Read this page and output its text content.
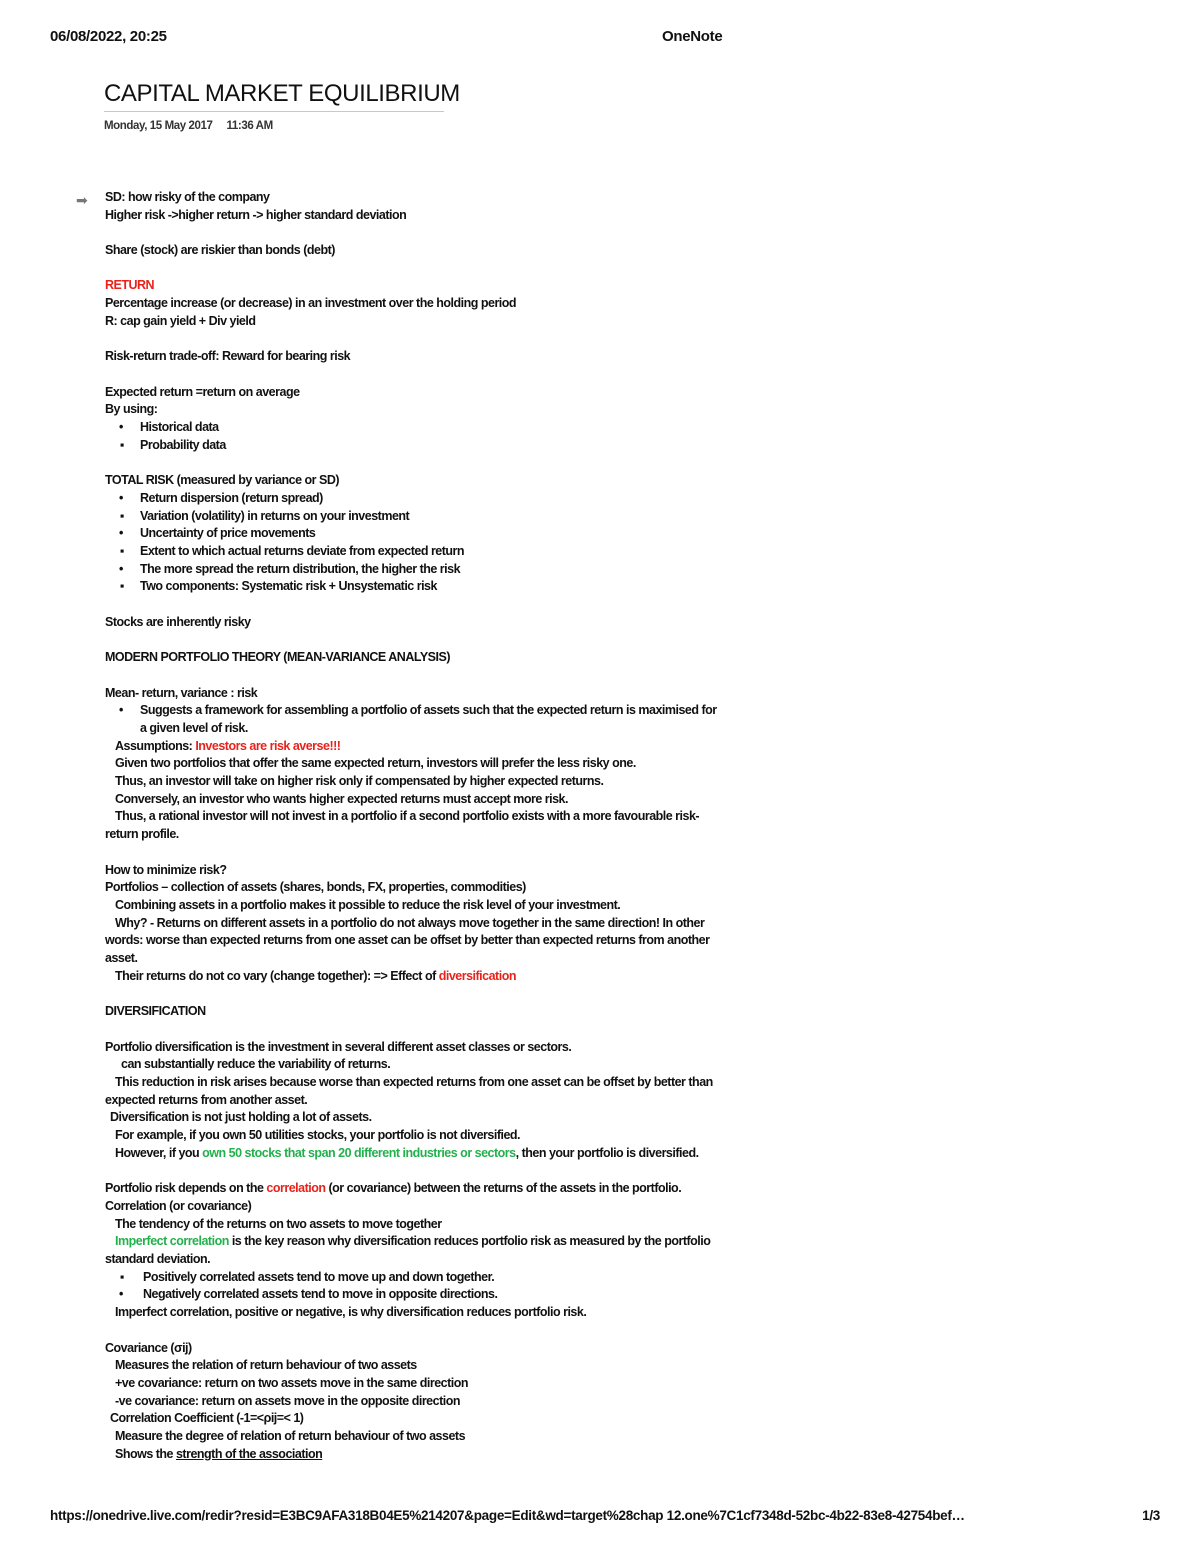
06/08/2022, 20:25	OneNote
CAPITAL MARKET EQUILIBRIUM
Monday, 15 May 2017 11:36 AM
➡ SD: how risky of the company

Higher risk ->higher return -> higher standard deviation

Share (stock) are riskier than bonds (debt)

RETURN

Percentage increase (or decrease) in an investment over the holding period

R: cap gain yield + Div yield

Risk-return trade-off: Reward for bearing risk

Expected return =return on average

By using:

• Historical data
▪ Probability data

TOTAL RISK (measured by variance or SD)

• Return dispersion (return spread)
▪ Variation (volatility) in returns on your investment
• Uncertainty of price movements
▪ Extent to which actual returns deviate from expected return
• The more spread the return distribution, the higher the risk
▪ Two components: Systematic risk + Unsystematic risk

Stocks are inherently risky

MODERN PORTFOLIO THEORY (MEAN-VARIANCE ANALYSIS)

Mean- return, variance : risk

• Suggests a framework for assembling a portfolio of assets such that the expected return is maximised for a given level of risk.

Assumptions: Investors are risk averse!!!

Given two portfolios that offer the same expected return, investors will prefer the less risky one.

Thus, an investor will take on higher risk only if compensated by higher expected returns.

Conversely, an investor who wants higher expected returns must accept more risk.

Thus, a rational investor will not invest in a portfolio if a second portfolio exists with a more favourable risk-return profile.

How to minimize risk?

Portfolios – collection of assets (shares, bonds, FX, properties, commodities)

Combining assets in a portfolio makes it possible to reduce the risk level of your investment.

Why? - Returns on different assets in a portfolio do not always move together in the same direction! In other words: worse than expected returns from one asset can be offset by better than expected returns from another asset.

Their returns do not co vary (change together): => Effect of diversification

DIVERSIFICATION

Portfolio diversification is the investment in several different asset classes or sectors.

can substantially reduce the variability of returns.

This reduction in risk arises because worse than expected returns from one asset can be offset by better than expected returns from another asset.

Diversification is not just holding a lot of assets.

For example, if you own 50 utilities stocks, your portfolio is not diversified.

However, if you own 50 stocks that span 20 different industries or sectors, then your portfolio is diversified.

Portfolio risk depends on the correlation (or covariance) between the returns of the assets in the portfolio.

Correlation (or covariance)

The tendency of the returns on two assets to move together

Imperfect correlation is the key reason why diversification reduces portfolio risk as measured by the portfolio standard deviation.

▪ Positively correlated assets tend to move up and down together.
• Negatively correlated assets tend to move in opposite directions.

Imperfect correlation, positive or negative, is why diversification reduces portfolio risk.

Covariance (σij)

Measures the relation of return behaviour of two assets

+ve covariance: return on two assets move in the same direction

-ve covariance: return on assets move in the opposite direction

Correlation Coefficient (-1=<ρij=< 1)

Measure the degree of relation of return behaviour of two assets

Shows the strength of the association

https://onedrive.live.com/redir?resid=E3BC9AFA318B04E5%214207&page=Edit&wd=target%28chap 12.one%7C1cf7348d-52bc-4b22-83e8-42754bef…	1/3
